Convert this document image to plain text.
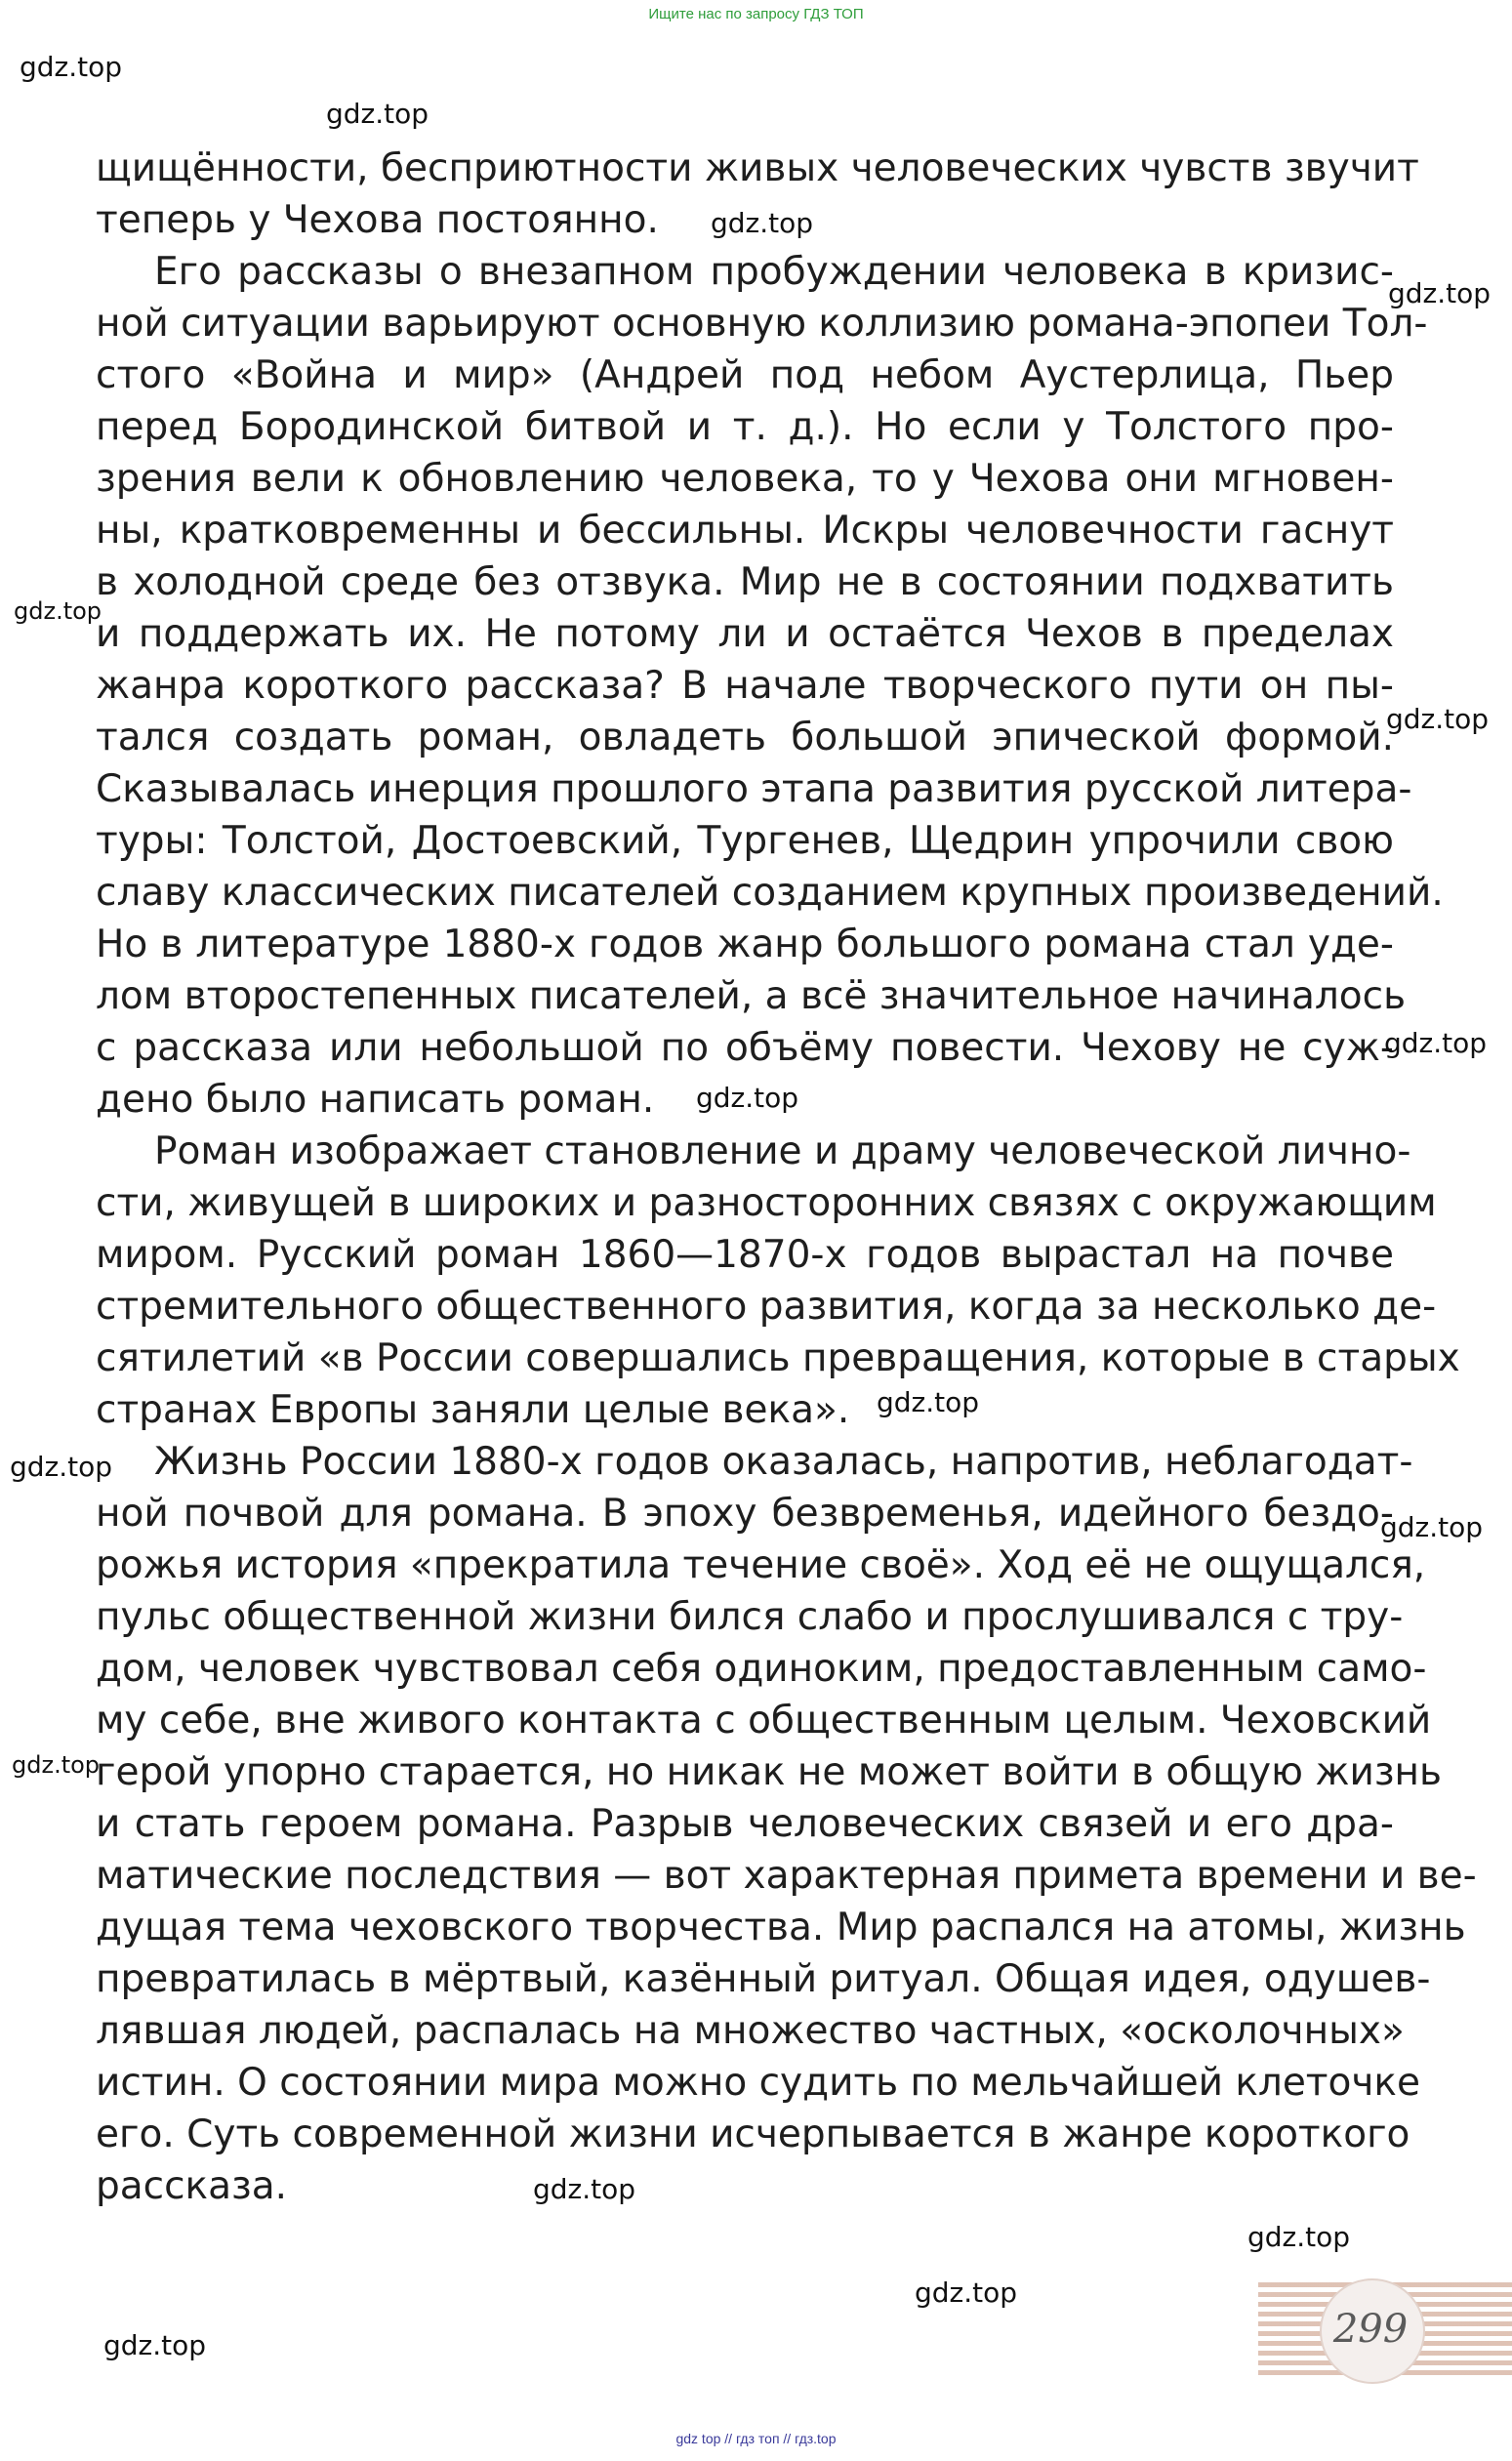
Ищите нас по запросу ГДЗ ТОП
щищённости, бесприютности живых человеческих чувств звучит
теперь у Чехова постоянно.
Его рассказы о внезапном пробуждении человека в кризис-
ной ситуации варьируют основную коллизию романа-эпопеи Тол-
стого «Война и мир» (Андрей под небом Аустерлица, Пьер
перед Бородинской битвой и т. д.). Но если у Толстого про-
зрения вели к обновлению человека, то у Чехова они мгновен-
ны, кратковременны и бессильны. Искры человечности гаснут
в холодной среде без отзвука. Мир не в состоянии подхватить
и поддержать их. Не потому ли и остаётся Чехов в пределах
жанра короткого рассказа? В начале творческого пути он пы-
тался создать роман, овладеть большой эпической формой.
Сказывалась инерция прошлого этапа развития русской литера-
туры: Толстой, Достоевский, Тургенев, Щедрин упрочили свою
славу классических писателей созданием крупных произведений.
Но в литературе 1880-х годов жанр большого романа стал уде-
лом второстепенных писателей, а всё значительное начиналось
с рассказа или небольшой по объёму повести. Чехову не суж-
дено было написать роман.
Роман изображает становление и драму человеческой лично-
сти, живущей в широких и разносторонних связях с окружающим
миром. Русский роман 1860—1870-х годов вырастал на почве
стремительного общественного развития, когда за несколько де-
сятилетий «в России совершались превращения, которые в старых
странах Европы заняли целые века».
Жизнь России 1880-х годов оказалась, напротив, неблагодат-
ной почвой для романа. В эпоху безвременья, идейного бездо-
рожья история «прекратила течение своё». Ход её не ощущался,
пульс общественной жизни бился слабо и прослушивался с тру-
дом, человек чувствовал себя одиноким, предоставленным само-
му себе, вне живого контакта с общественным целым. Чеховский
герой упорно старается, но никак не может войти в общую жизнь
и стать героем романа. Разрыв человеческих связей и его дра-
матические последствия — вот характерная примета времени и ве-
дущая тема чеховского творчества. Мир распался на атомы, жизнь
превратилась в мёртвый, казённый ритуал. Общая идея, одушев-
лявшая людей, распалась на множество частных, «осколочных»
истин. О состоянии мира можно судить по мельчайшей клеточке
его. Суть современной жизни исчерпывается в жанре короткого
рассказа.
gdz.top
gdz.top
gdz.top
gdz.top
gdz.top
gdz.top
gdz.top
gdz.top
gdz.top
gdz.top
gdz.top
gdz.top
gdz.top
gdz.top
gdz.top
gdz.top	299
gdz top // гдз топ // гдз.top
